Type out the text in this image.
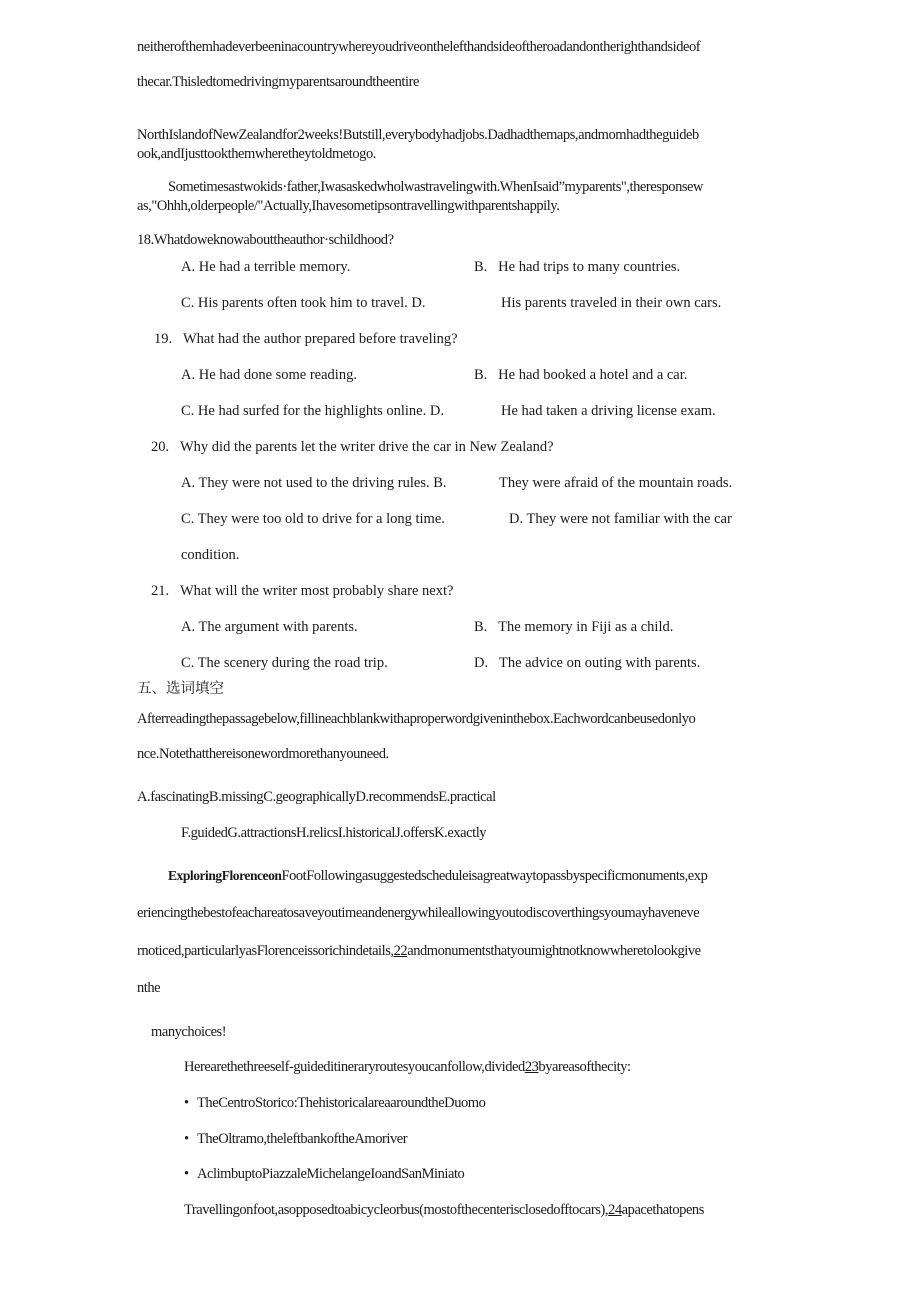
neitherofthemhadeverbeeninacountrywhereyoudriveonthelefthandsideoftheroadandontherighthandsideof
thecar.Thisledtomedrivingmyparentsaroundtheentire
NorthIslandofNewZealandfor2weeks!Butstill,everybodyhadjobs.Dadhadthemaps,andmomhadtheguideb
ook,andIjusttookthemwheretheytoldmetogo.
Sometimesastwokids·father,Iwasaskedwholwastravelingwith.WhenIsaid”myparents",theresponsew
as,"Ohhh,olderpeople/"Actually,Ihavesometipsontravellingwithparentshappily.
18.Whatdoweknowabouttheauthor·schildhood?
A. He had a terrible memory.	B. He had trips to many countries.
C. His parents often took him to travel. D.	His parents traveled in their own cars.
19. What had the author prepared before traveling?
A. He had done some reading.	B. He had booked a hotel and a car.
C. He had surfed for the highlights online. D.	He had taken a driving license exam.
20. Why did the parents let the writer drive the car in New Zealand?
A. They were not used to the driving rules. B.	They were afraid of the mountain roads.
C. They were too old to drive for a long time.	D. They were not familiar with the car
condition.
21. What will the writer most probably share next?
A. The argument with parents.	B. The memory in Fiji as a child.
C. The scenery during the road trip.	D. The advice on outing with parents.
五、选词填空
Afterreadingthepassagebelow,fillineachblankwithaproperwordgiveninthebox.Eachwordcanbeusedonlyo
nce.Notethatthereisonewordmorethanyouneed.
A.fascinatingB.missingC.geographicallyD.recommendsE.practical
F.guidedG.attractionsH.relicsI.historicalJ.offersK.exactly
ExploringFlorenceonFootFollowingasuggestedscheduleisagreatwaytopassbyspecificmonuments,exp
eriencingthebestofeachareatosaveyoutimeandenergywhileallowingyoutodiscoverthingsyoumayhaveneve
rnoticed,particularlyasFlorenceissorichindetails,22andmonumentsthatyoumightnotknowwheretolookgive
nthe
manychoices!
Herearethethreeself-guideditineraryroutesyoucanfollow,divided23byareasofthecity:
• TheCentroStorico:ThehistoricalareaaroundtheDuomo
• TheOltramo,theleftbankoftheAmoriver
• AclimbuptoPiazzaleMichelangeIoandSanMiniato
Travellingonfoot,asopposedtoabicycleorbus(mostofthecenterisclosedofftocars),24apacethatopens
